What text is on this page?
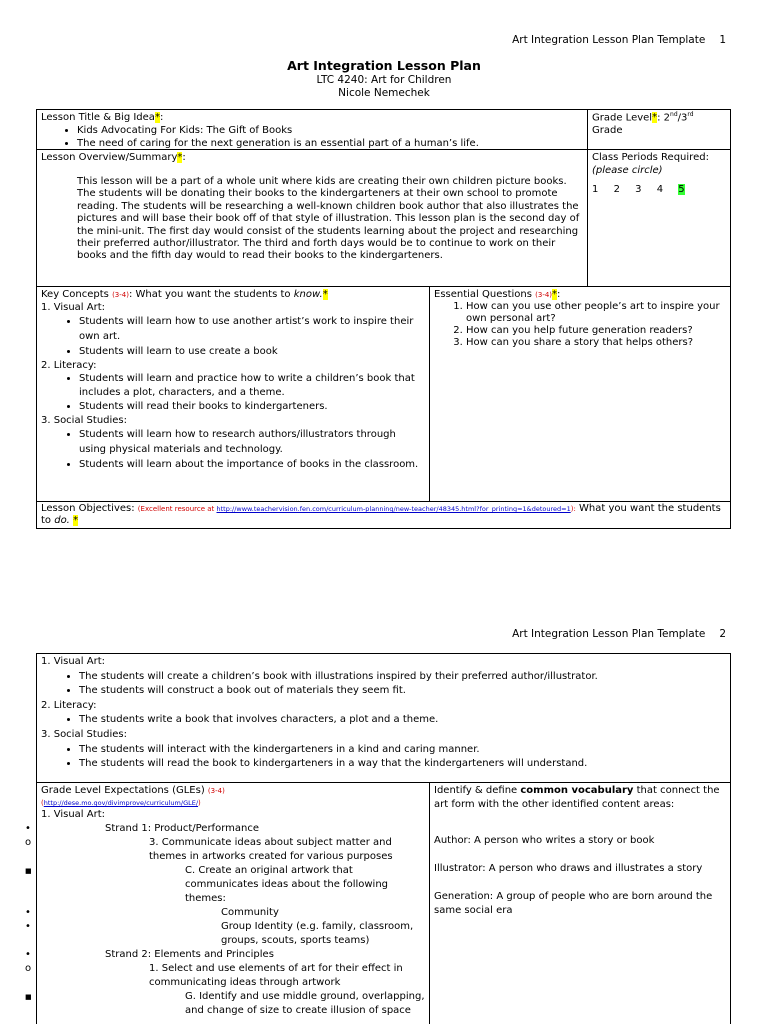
Art Integration Lesson Plan Template 1
Art Integration Lesson Plan
LTC 4240: Art for Children
Nicole Nemechek
Lesson Title & Big Idea*:
• Kids Advocating For Kids: The Gift of Books
• The need of caring for the next generation is an essential part of a human’s life.
Grade Level*: 2nd/3rd
Grade
Lesson Overview/Summary*:

This lesson will be a part of a whole unit where kids are creating their own children picture books. The students will be donating their books to the kindergarteners at their own school to promote reading. The students will be researching a well-known children book author that also illustrates the pictures and will base their book off of that style of illustration. This lesson plan is the second day of the mini-unit. The first day would consist of the students learning about the project and researching their preferred author/illustrator. The third and forth days would be to continue to work on their books and the fifth day would to read their books to the kindergarteners.

Class Periods Required:
(please circle)
1 2 3 4 5
Key Concepts (3-4): What you want the students to know.*
1. Visual Art:
• Students will learn how to use another artist’s work to inspire their own art.
• Students will learn to use create a book
2. Literacy:
• Students will learn and practice how to write a children’s book that includes a plot, characters, and a theme.
• Students will read their books to kindergarteners.
3. Social Studies:
• Students will learn how to research authors/illustrators through using physical materials and technology.
• Students will learn about the importance of books in the classroom.
Essential Questions (3-4)*:
1. How can you use other people’s art to inspire your own personal art?
2. How can you help future generation readers?
3. How can you share a story that helps others?
Lesson Objectives: (Excellent resource at http://www.teachervision.fen.com/curriculum-planning/new-teacher/48345.html?for_printing=1&detoured=1): What you want the students to do. *
Art Integration Lesson Plan Template 2
1. Visual Art:
• The students will create a children’s book with illustrations inspired by their preferred author/illustrator.
• The students will construct a book out of materials they seem fit.
2. Literacy:
• The students write a book that involves characters, a plot and a theme.
3. Social Studies:
• The students will interact with the kindergarteners in a kind and caring manner.
• The students will read the book to kindergarteners in a way that the kindergarteners will understand.
Grade Level Expectations (GLEs) (3-4)
(http://dese.mo.gov/divimprove/curriculum/GLE/)
1. Visual Art:
•	Strand 1: Product/Performance
o	3. Communicate ideas about subject matter and themes in artworks created for various purposes
■	C. Create an original artwork that communicates ideas about the following themes:
•	Community
•	Group Identity (e.g. family, classroom, groups, scouts, sports teams)
•	Strand 2: Elements and Principles
o	1. Select and use elements of art for their effect in communicating ideas through artwork
■	G. Identify and use middle ground, overlapping, and change of size to create illusion of space
Identify & define common vocabulary that connect the art form with the other identified content areas:

Author: A person who writes a story or book

Illustrator: A person who draws and illustrates a story

Generation: A group of people who are born around the same social era
